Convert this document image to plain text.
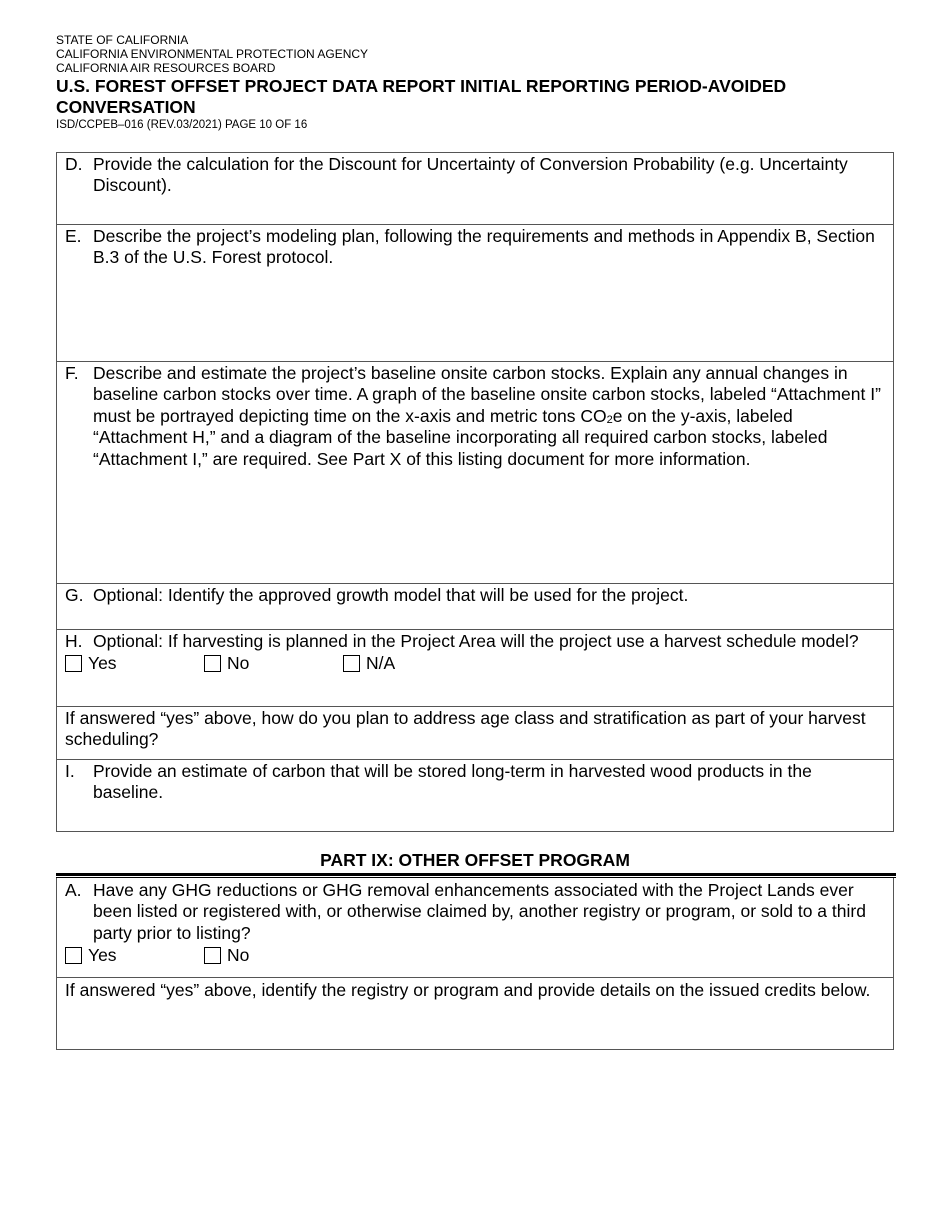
STATE OF CALIFORNIA
CALIFORNIA ENVIRONMENTAL PROTECTION AGENCY
CALIFORNIA AIR RESOURCES BOARD
U.S. FOREST OFFSET PROJECT DATA REPORT INITIAL REPORTING PERIOD-AVOIDED CONVERSATION
ISD/CCPEB–016 (REV.03/2021) PAGE 10 OF 16
D. Provide the calculation for the Discount for Uncertainty of Conversion Probability (e.g. Uncertainty Discount).
E. Describe the project’s modeling plan, following the requirements and methods in Appendix B, Section B.3 of the U.S. Forest protocol.
F. Describe and estimate the project’s baseline onsite carbon stocks. Explain any annual changes in baseline carbon stocks over time. A graph of the baseline onsite carbon stocks, labeled “Attachment I” must be portrayed depicting time on the x-axis and metric tons $CO_2e$ on the y-axis, labeled “Attachment H,” and a diagram of the baseline incorporating all required carbon stocks, labeled “Attachment I,” are required. See Part X of this listing document for more information.
G. Optional: Identify the approved growth model that will be used for the project.
H. Optional: If harvesting is planned in the Project Area will the project use a harvest schedule model?
Yes	No	N/A
If answered “yes” above, how do you plan to address age class and stratification as part of your harvest scheduling?
I.	Provide an estimate of carbon that will be stored long-term in harvested wood products in the baseline.
PART IX: OTHER OFFSET PROGRAM
A. Have any GHG reductions or GHG removal enhancements associated with the Project Lands ever been listed or registered with, or otherwise claimed by, another registry or program, or sold to a third party prior to listing?
Yes	No
If answered “yes” above, identify the registry or program and provide details on the issued credits below.
